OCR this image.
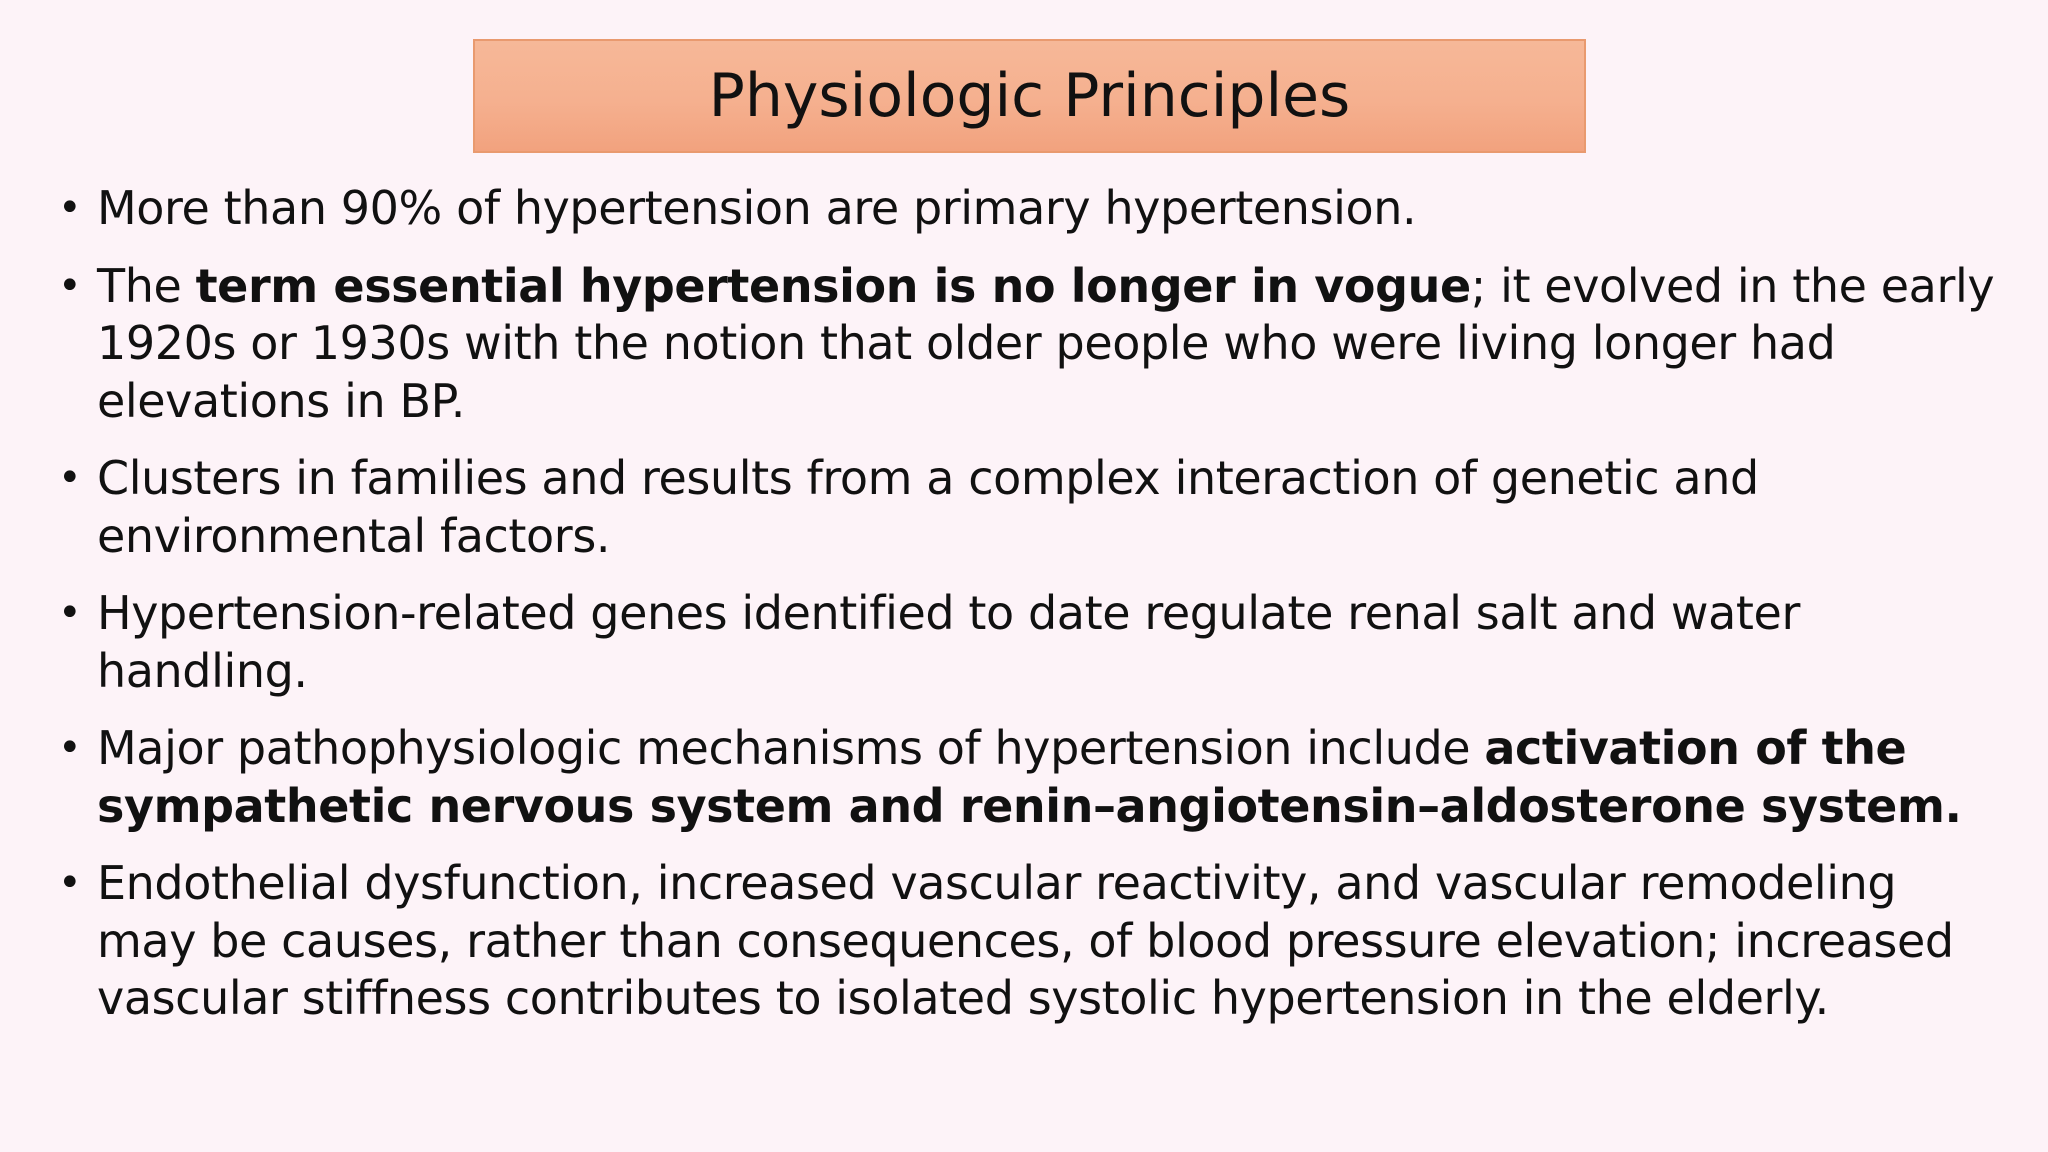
Physiologic Principles
• More than 90% of hypertension are primary hypertension.
• The term essential hypertension is no longer in vogue; it evolved in the early 1920s or 1930s with the notion that older people who were living longer had elevations in BP.
• Clusters in families and results from a complex interaction of genetic and environmental factors.
• Hypertension-related genes identified to date regulate renal salt and water handling.
• Major pathophysiologic mechanisms of hypertension include activation of the sympathetic nervous system and renin–angiotensin–aldosterone system.
• Endothelial dysfunction, increased vascular reactivity, and vascular remodeling may be causes, rather than consequences, of blood pressure elevation; increased vascular stiffness contributes to isolated systolic hypertension in the elderly.
